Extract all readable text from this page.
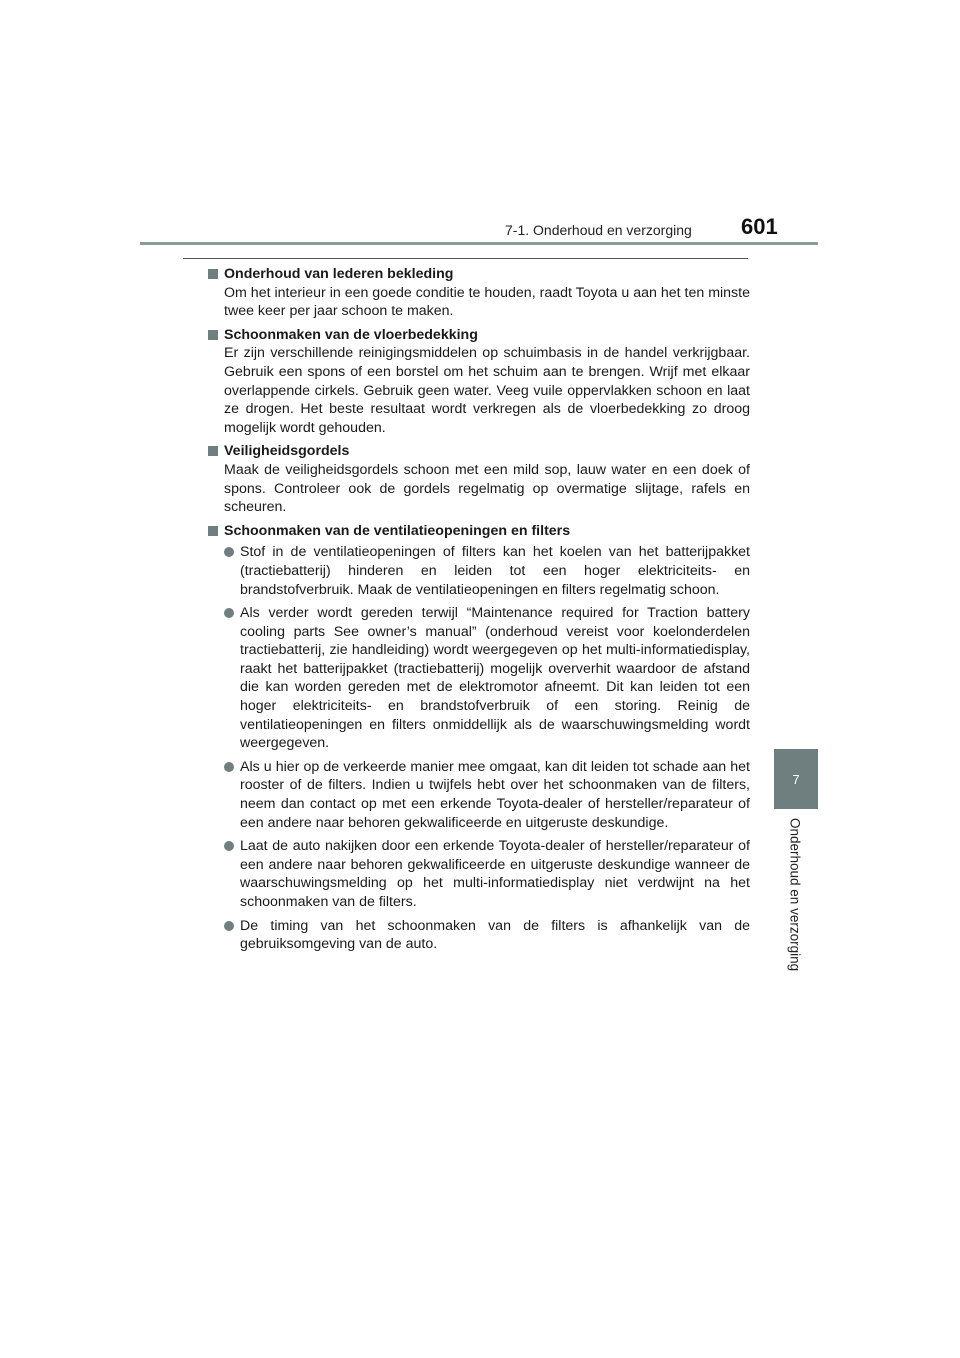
7-1. Onderhoud en verzorging 601
7
Onderhoud en verzorging
Onderhoud van lederen bekleding
Om het interieur in een goede conditie te houden, raadt Toyota u aan het ten minste twee keer per jaar schoon te maken.
Schoonmaken van de vloerbedekking
Er zijn verschillende reinigingsmiddelen op schuimbasis in de handel verkrijgbaar. Gebruik een spons of een borstel om het schuim aan te brengen. Wrijf met elkaar overlappende cirkels. Gebruik geen water. Veeg vuile oppervlakken schoon en laat ze drogen. Het beste resultaat wordt verkregen als de vloerbedekking zo droog mogelijk wordt gehouden.
Veiligheidsgordels
Maak de veiligheidsgordels schoon met een mild sop, lauw water en een doek of spons. Controleer ook de gordels regelmatig op overmatige slijtage, rafels en scheuren.
Schoonmaken van de ventilatieopeningen en filters
Stof in de ventilatieopeningen of filters kan het koelen van het batterijpakket (tractiebatterij) hinderen en leiden tot een hoger elektriciteits- en brandstofverbruik. Maak de ventilatieopeningen en filters regelmatig schoon.
Als verder wordt gereden terwijl “Maintenance required for Traction battery cooling parts See owner’s manual” (onderhoud vereist voor koelonderdelen tractiebatterij, zie handleiding) wordt weergegeven op het multi-informatiedisplay, raakt het batterijpakket (tractiebatterij) mogelijk oververhit waardoor de afstand die kan worden gereden met de elektromotor afneemt. Dit kan leiden tot een hoger elektriciteits- en brandstofverbruik of een storing. Reinig de ventilatieopeningen en filters onmiddellijk als de waarschuwingsmelding wordt weergegeven.
Als u hier op de verkeerde manier mee omgaat, kan dit leiden tot schade aan het rooster of de filters. Indien u twijfels hebt over het schoonmaken van de filters, neem dan contact op met een erkende Toyota-dealer of hersteller/reparateur of een andere naar behoren gekwalificeerde en uitgeruste deskundige.
Laat de auto nakijken door een erkende Toyota-dealer of hersteller/reparateur of een andere naar behoren gekwalificeerde en uitgeruste deskundige wanneer de waarschuwingsmelding op het multi-informatiedisplay niet verdwijnt na het schoonmaken van de filters.
De timing van het schoonmaken van de filters is afhankelijk van de gebruiksomgeving van de auto.
